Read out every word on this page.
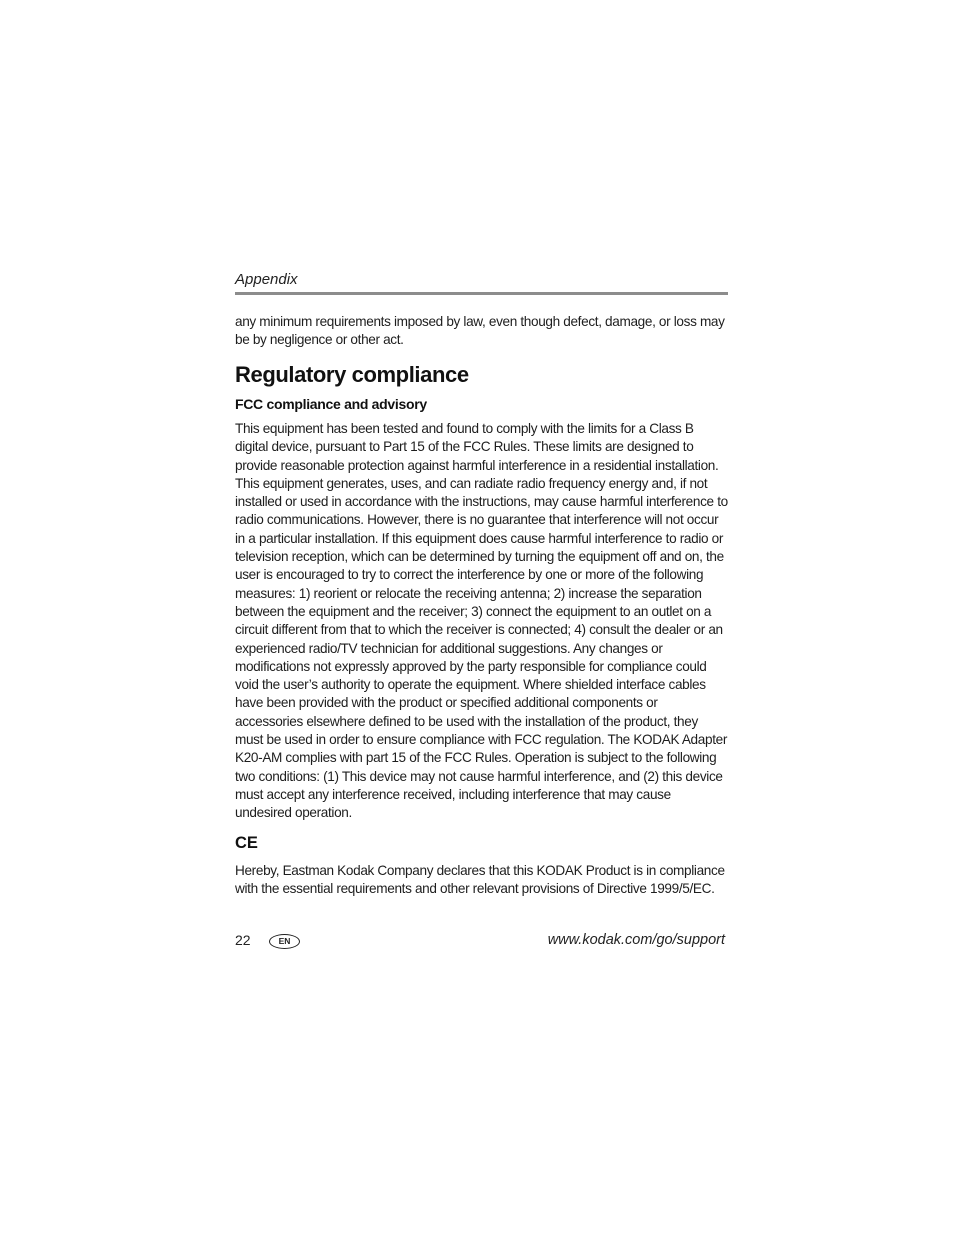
Appendix

any minimum requirements imposed by law, even though defect, damage, or loss may be by negligence or other act.

Regulatory compliance
FCC compliance and advisory

This equipment has been tested and found to comply with the limits for a Class B digital device, pursuant to Part 15 of the FCC Rules. These limits are designed to provide reasonable protection against harmful interference in a residential installation. This equipment generates, uses, and can radiate radio frequency energy and, if not installed or used in accordance with the instructions, may cause harmful interference to radio communications. However, there is no guarantee that interference will not occur in a particular installation. If this equipment does cause harmful interference to radio or television reception, which can be determined by turning the equipment off and on, the user is encouraged to try to correct the interference by one or more of the following measures: 1) reorient or relocate the receiving antenna; 2) increase the separation between the equipment and the receiver; 3) connect the equipment to an outlet on a circuit different from that to which the receiver is connected; 4) consult the dealer or an experienced radio/TV technician for additional suggestions. Any changes or modifications not expressly approved by the party responsible for compliance could void the user’s authority to operate the equipment. Where shielded interface cables have been provided with the product or specified additional components or accessories elsewhere defined to be used with the installation of the product, they must be used in order to ensure compliance with FCC regulation. The KODAK Adapter K20-AM complies with part 15 of the FCC Rules. Operation is subject to the following two conditions: (1) This device may not cause harmful interference, and (2) this device must accept any interference received, including interference that may cause undesired operation.

CE

Hereby, Eastman Kodak Company declares that this KODAK Product is in compliance with the essential requirements and other relevant provisions of Directive 1999/5/EC.

22	EN	www.kodak.com/go/support
